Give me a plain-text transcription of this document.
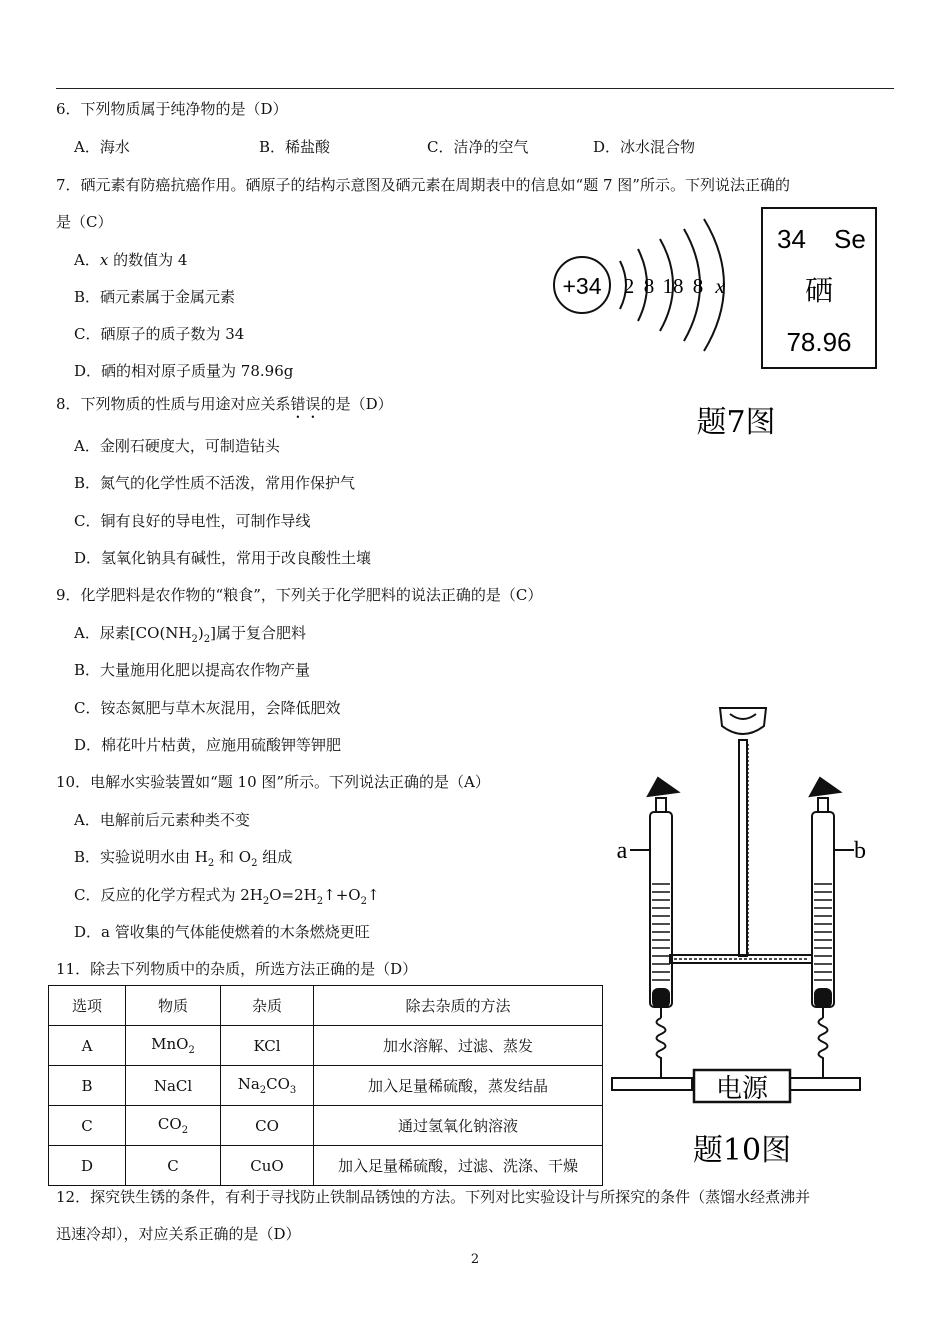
6．下列物质属于纯净物的是（D）
A．海水	B．稀盐酸	C．洁净的空气	D．冰水混合物
7．硒元素有防癌抗癌作用。硒原子的结构示意图及硒元素在周期表中的信息如“题 7 图”所示。下列说法正确的
是（C）
A．x 的数值为 4
B．硒元素属于金属元素
C．硒原子的质子数为 34
D．硒的相对原子质量为 78.96g
+34 2 8 18 8 x
34 Se
硒
78.96
题7图
8．下列物质的性质与用途对应关系错误的是（D）
A．金刚石硬度大，可制造钻头
B．氮气的化学性质不活泼，常用作保护气
C．铜有良好的导电性，可制作导线
D．氢氧化钠具有碱性，常用于改良酸性土壤
9．化学肥料是农作物的“粮食”，下列关于化学肥料的说法正确的是（C）
A．尿素$[CO(NH_2)_2]$属于复合肥料
B．大量施用化肥以提高农作物产量
C．铵态氮肥与草木灰混用，会降低肥效
D．棉花叶片枯黄，应施用硫酸钾等钾肥
10．电解水实验装置如“题 10 图”所示。下列说法正确的是（A）
A．电解前后元素种类不变
B．实验说明水由 $H_2$ 和 $O_2$ 组成
C．反应的化学方程式为 $2H_2O=2H_2↑+O_2↑$
D．a 管收集的气体能使燃着的木条燃烧更旺
11．除去下列物质中的杂质，所选方法正确的是（D）
选项	物质	杂质	除去杂质的方法
A	MnO$_2$	KCl	加水溶解、过滤、蒸发
B	NaCl	$Na_2CO_3$	加入足量稀硫酸，蒸发结晶
C	$CO_2$	CO	通过氢氧化钠溶液
D	C	CuO	加入足量稀硫酸，过滤、洗涤、干燥
a	b
电源
题10图
12．探究铁生锈的条件，有利于寻找防止铁制品锈蚀的方法。下列对比实验设计与所探究的条件（蒸馏水经煮沸并
迅速冷却），对应关系正确的是（D）
2
